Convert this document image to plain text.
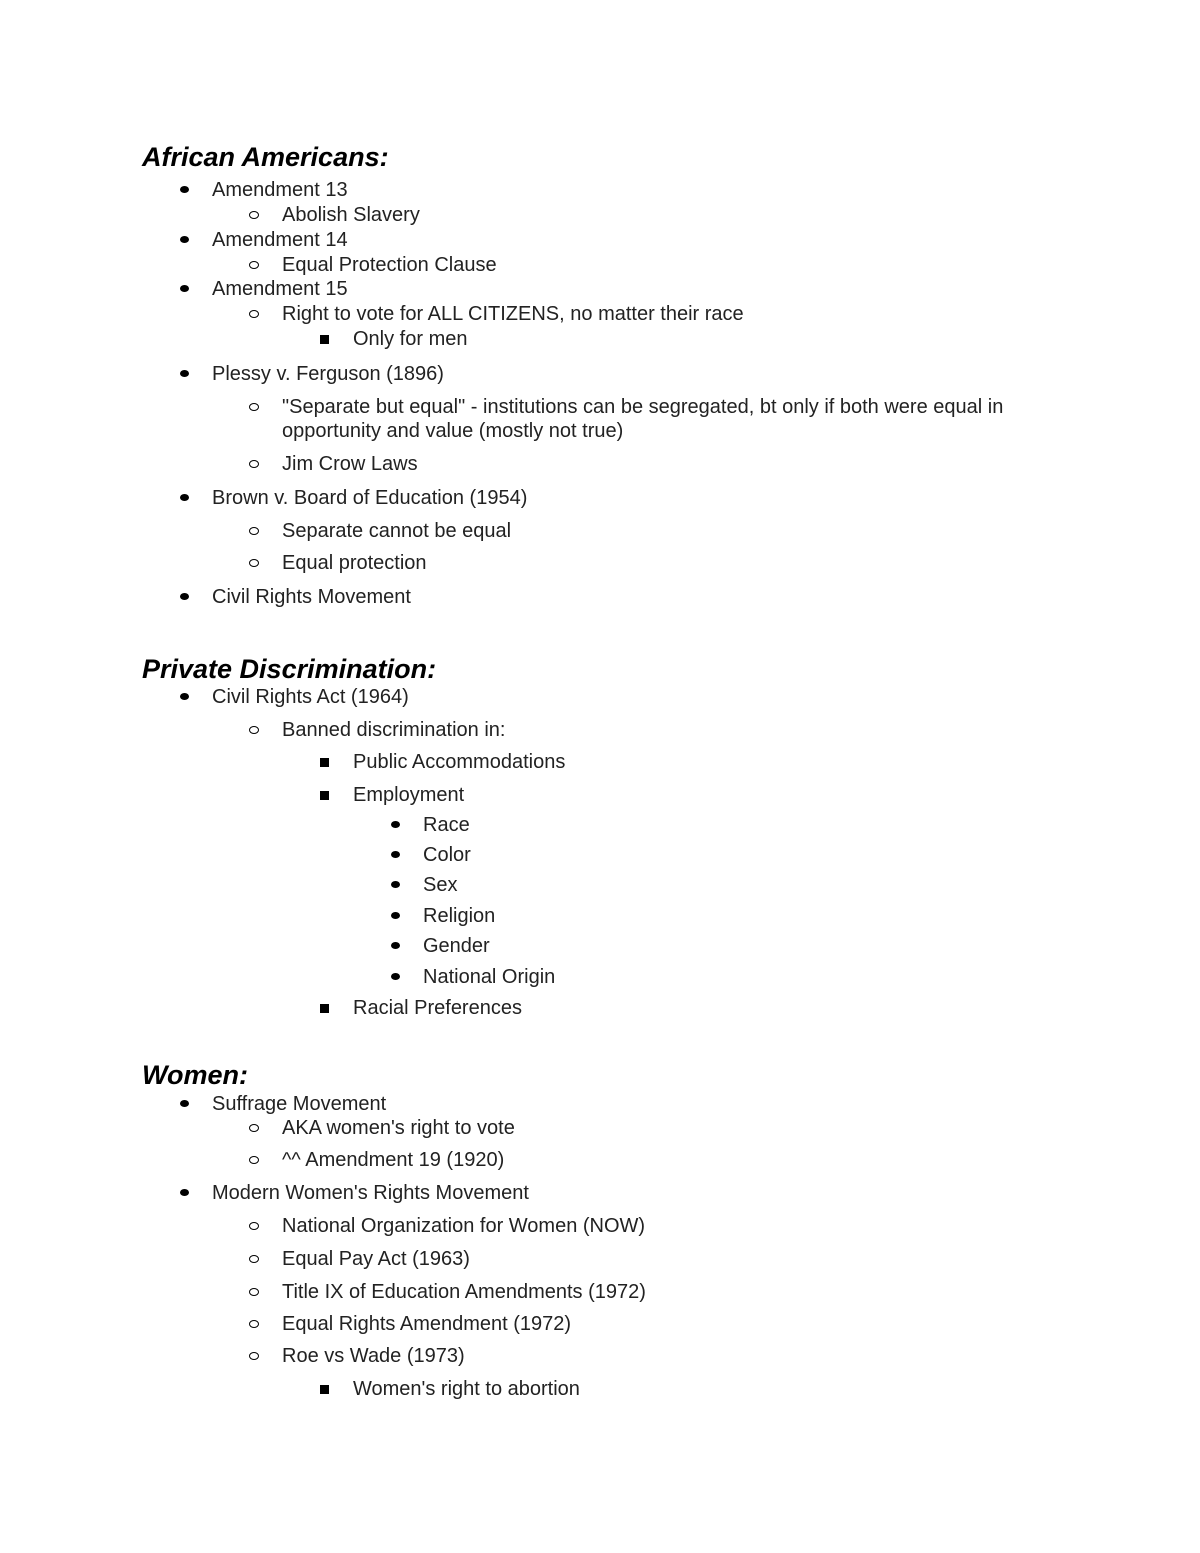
African Americans:
Amendment 13
Abolish Slavery
Amendment 14
Equal Protection Clause
Amendment 15
Right to vote for ALL CITIZENS, no matter their race
Only for men
Plessy v. Ferguson (1896)
"Separate but equal" - institutions can be segregated, bt only if both were equal in opportunity and value (mostly not true)
Jim Crow Laws
Brown v. Board of Education (1954)
Separate cannot be equal
Equal protection
Civil Rights Movement
Private Discrimination:
Civil Rights Act (1964)
Banned discrimination in:
Public Accommodations
Employment
Race
Color
Sex
Religion
Gender
National Origin
Racial Preferences
Women:
Suffrage Movement
AKA women's right to vote
^^ Amendment 19 (1920)
Modern Women's Rights Movement
National Organization for Women (NOW)
Equal Pay Act (1963)
Title IX of Education Amendments (1972)
Equal Rights Amendment (1972)
Roe vs Wade (1973)
Women's right to abortion
